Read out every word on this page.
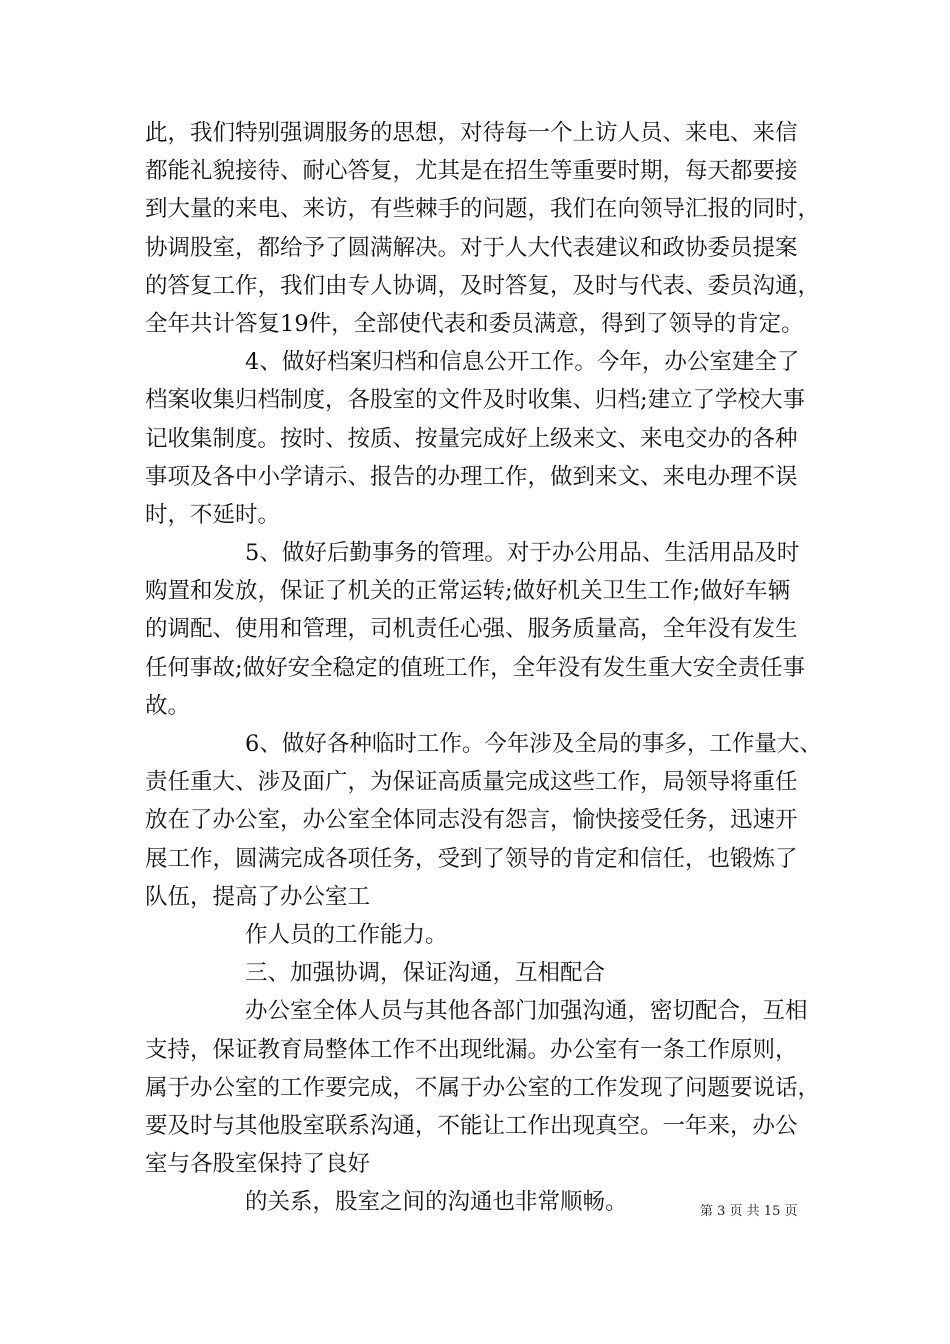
此，我们特别强调服务的思想，对待每一个上访人员、来电、来信
都能礼貌接待、耐心答复，尤其是在招生等重要时期，每天都要接
到大量的来电、来访，有些棘手的问题，我们在向领导汇报的同时，
协调股室，都给予了圆满解决。对于人大代表建议和政协委员提案
的答复工作，我们由专人协调，及时答复，及时与代表、委员沟通，
全年共计答复19件，全部使代表和委员满意，得到了领导的肯定。
4、做好档案归档和信息公开工作。今年，办公室建全了
档案收集归档制度，各股室的文件及时收集、归档;建立了学校大事
记收集制度。按时、按质、按量完成好上级来文、来电交办的各种
事项及各中小学请示、报告的办理工作，做到来文、来电办理不误
时，不延时。
5、做好后勤事务的管理。对于办公用品、生活用品及时
购置和发放，保证了机关的正常运转;做好机关卫生工作;做好车辆
的调配、使用和管理，司机责任心强、服务质量高，全年没有发生
任何事故;做好安全稳定的值班工作，全年没有发生重大安全责任事
故。
6、做好各种临时工作。今年涉及全局的事多，工作量大、
责任重大、涉及面广，为保证高质量完成这些工作，局领导将重任
放在了办公室，办公室全体同志没有怨言，愉快接受任务，迅速开
展工作，圆满完成各项任务，受到了领导的肯定和信任，也锻炼了
队伍，提高了办公室工
作人员的工作能力。
三、加强协调，保证沟通，互相配合
办公室全体人员与其他各部门加强沟通，密切配合，互相
支持，保证教育局整体工作不出现纰漏。办公室有一条工作原则，
属于办公室的工作要完成，不属于办公室的工作发现了问题要说话，
要及时与其他股室联系沟通，不能让工作出现真空。一年来，办公
室与各股室保持了良好
的关系，股室之间的沟通也非常顺畅。	第 3 页 共 15 页
